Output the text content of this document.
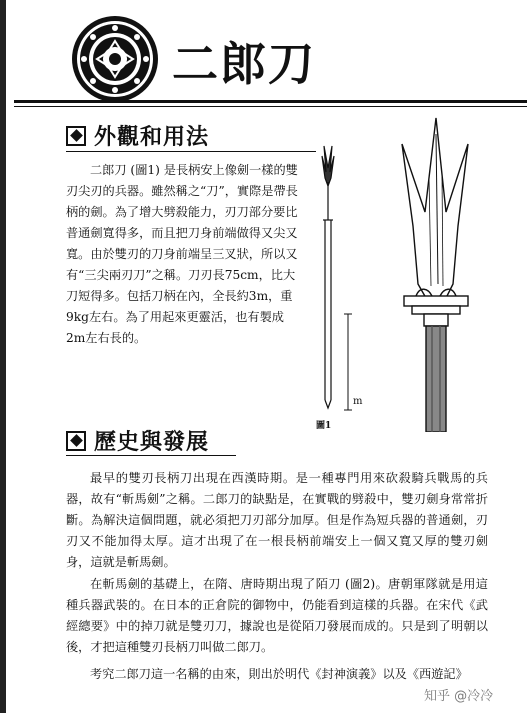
二郎刀
外觀和用法

二郎刀 (圖1) 是長柄安上像劍一樣的雙刃尖刃的兵器。雖然稱之“刀”，實際是帶長柄的劍。為了增大劈殺能力，刃刀部分要比普通劍寬得多，而且把刀身前端做得又尖又寬。由於雙刃的刀身前端呈三叉狀，所以又有“三尖兩刃刀”之稱。刀刃長75cm，比大刀短得多。包括刀柄在內，全長約3m，重9kg左右。為了用起來更靈活，也有製成2m左右長的。

m
圖1
歷史與發展

最早的雙刃長柄刀出現在西漢時期。是一種專門用來砍殺騎兵戰馬的兵器，故有“斬馬劍”之稱。二郎刀的缺點是，在實戰的劈殺中，雙刃劍身常常折斷。為解決這個問題，就必須把刀刃部分加厚。但是作為短兵器的普通劍，刃刃又不能加得太厚。這才出現了在一根長柄前端安上一個又寬又厚的雙刃劍身，這就是斬馬劍。

在斬馬劍的基礎上，在隋、唐時期出現了陌刀 (圖2)。唐朝軍隊就是用這種兵器武裝的。在日本的正倉院的御物中，仍能看到這樣的兵器。在宋代《武經總要》中的掉刀就是雙刃刀，據說也是從陌刀發展而成的。只是到了明朝以後，才把這種雙刃長柄刀叫做二郎刀。

考究二郎刀這一名稱的由來，則出於明代《封神演義》以及《西遊記》

知乎 @冷冷
